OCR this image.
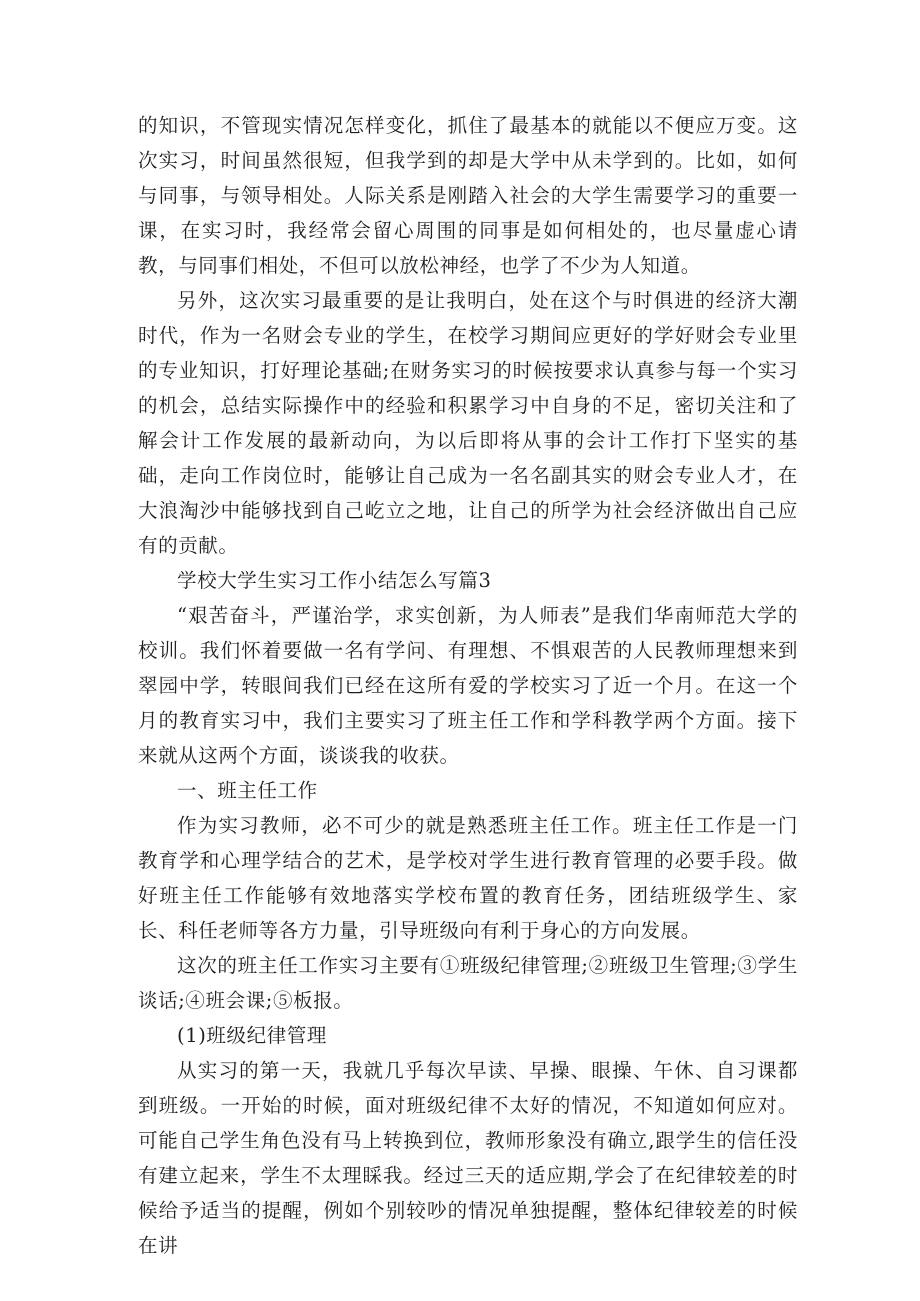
的知识，不管现实情况怎样变化，抓住了最基本的就能以不便应万变。这次实习，时间虽然很短，但我学到的却是大学中从未学到的。比如，如何与同事，与领导相处。人际关系是刚踏入社会的大学生需要学习的重要一课，在实习时，我经常会留心周围的同事是如何相处的，也尽量虚心请教，与同事们相处，不但可以放松神经，也学了不少为人知道。

另外，这次实习最重要的是让我明白，处在这个与时俱进的经济大潮时代，作为一名财会专业的学生，在校学习期间应更好的学好财会专业里的专业知识，打好理论基础;在财务实习的时候按要求认真参与每一个实习的机会，总结实际操作中的经验和积累学习中自身的不足，密切关注和了解会计工作发展的最新动向，为以后即将从事的会计工作打下坚实的基础，走向工作岗位时，能够让自己成为一名名副其实的财会专业人才，在大浪淘沙中能够找到自己屹立之地，让自己的所学为社会经济做出自己应有的贡献。

学校大学生实习工作小结怎么写篇3

“艰苦奋斗，严谨治学，求实创新，为人师表”是我们华南师范大学的校训。我们怀着要做一名有学问、有理想、不惧艰苦的人民教师理想来到翠园中学，转眼间我们已经在这所有爱的学校实习了近一个月。在这一个月的教育实习中，我们主要实习了班主任工作和学科教学两个方面。接下来就从这两个方面，谈谈我的收获。

一、班主任工作

作为实习教师，必不可少的就是熟悉班主任工作。班主任工作是一门教育学和心理学结合的艺术，是学校对学生进行教育管理的必要手段。做好班主任工作能够有效地落实学校布置的教育任务，团结班级学生、家长、科任老师等各方力量，引导班级向有利于身心的方向发展。

这次的班主任工作实习主要有①班级纪律管理;②班级卫生管理;③学生谈话;④班会课;⑤板报。

(1)班级纪律管理

从实习的第一天，我就几乎每次早读、早操、眼操、午休、自习课都到班级。一开始的时候，面对班级纪律不太好的情况，不知道如何应对。可能自己学生角色没有马上转换到位，教师形象没有确立,跟学生的信任没有建立起来，学生不太理睬我。经过三天的适应期,学会了在纪律较差的时候给予适当的提醒，例如个别较吵的情况单独提醒，整体纪律较差的时候在讲
